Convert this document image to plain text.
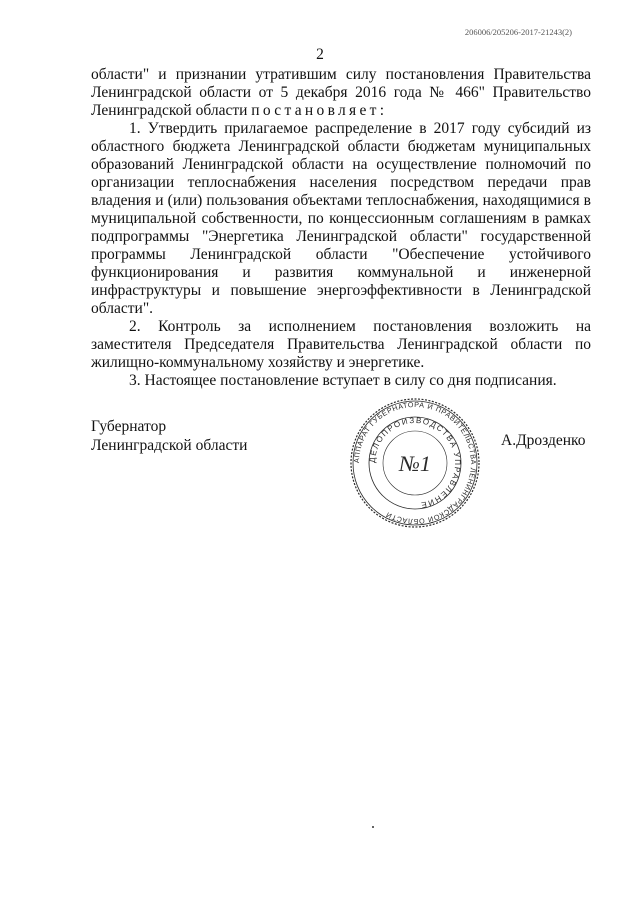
206006/205206-2017-21243(2)
2

области" и признании утратившим силу постановления Правительства Ленинградской области от 5 декабря 2016 года № 466" Правительство Ленинградской области постановляет:

1. Утвердить прилагаемое распределение в 2017 году субсидий из областного бюджета Ленинградской области бюджетам муниципальных образований Ленинградской области на осуществление полномочий по организации теплоснабжения населения посредством передачи прав владения и (или) пользования объектами теплоснабжения, находящимися в муниципальной собственности, по концессионным соглашениям в рамках подпрограммы "Энергетика Ленинградской области" государственной программы Ленинградской области "Обеспечение устойчивого функционирования и развития коммунальной и инженерной инфраструктуры и повышение энергоэффективности в Ленинградской области".

2. Контроль за исполнением постановления возложить на заместителя Председателя Правительства Ленинградской области по жилищно-коммунальному хозяйству и энергетике.

3. Настоящее постановление вступает в силу со дня подписания.

Губернатор
Ленинградской области
АППАРАТ ГУБЕРНАТОРА И ПРАВИТЕЛЬСТВА ЛЕНИНГРАДСКОЙ ОБЛАСТИ
ДЕЛОПРОИЗВОДСТВА УПРАВЛЕНИЕ
№1
А.Дрозденко
